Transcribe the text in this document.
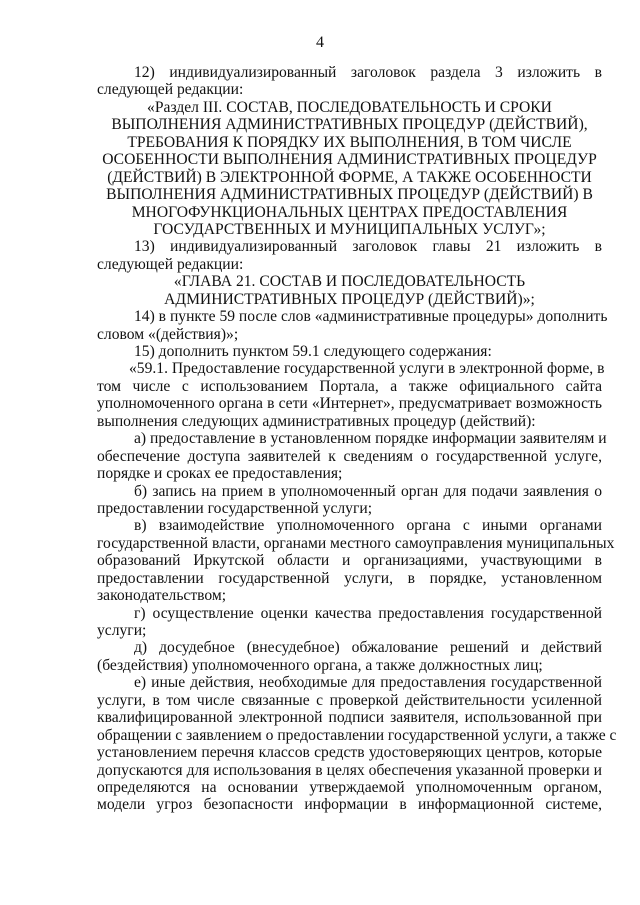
4
12)  индивидуализированный  заголовок  раздела  3  изложить  в
следующей редакции:
«Раздел III. СОСТАВ, ПОСЛЕДОВАТЕЛЬНОСТЬ И СРОКИ
ВЫПОЛНЕНИЯ АДМИНИСТРАТИВНЫХ ПРОЦЕДУР (ДЕЙСТВИЙ),
ТРЕБОВАНИЯ К ПОРЯДКУ ИХ ВЫПОЛНЕНИЯ, В ТОМ ЧИСЛЕ
ОСОБЕННОСТИ ВЫПОЛНЕНИЯ АДМИНИСТРАТИВНЫХ ПРОЦЕДУР
(ДЕЙСТВИЙ) В ЭЛЕКТРОННОЙ ФОРМЕ, А ТАКЖЕ ОСОБЕННОСТИ
ВЫПОЛНЕНИЯ АДМИНИСТРАТИВНЫХ ПРОЦЕДУР (ДЕЙСТВИЙ) В
МНОГОФУНКЦИОНАЛЬНЫХ ЦЕНТРАХ ПРЕДОСТАВЛЕНИЯ
ГОСУДАРСТВЕННЫХ И МУНИЦИПАЛЬНЫХ УСЛУГ»;
13)  индивидуализированный  заголовок  главы  21  изложить  в
следующей редакции:
«ГЛАВА 21. СОСТАВ И ПОСЛЕДОВАТЕЛЬНОСТЬ
АДМИНИСТРАТИВНЫХ ПРОЦЕДУР (ДЕЙСТВИЙ)»;
14) в пункте 59 после слов «административные процедуры» дополнить
словом «(действия)»;
15) дополнить пунктом 59.1 следующего содержания:
«59.1. Предоставление государственной услуги в электронной форме, в
том числе с использованием Портала, а также официального сайта
уполномоченного органа в сети «Интернет», предусматривает возможность
выполнения следующих административных процедур (действий):
а) предоставление в установленном порядке информации заявителям и
обеспечение доступа заявителей к сведениям о государственной услуге,
порядке и сроках ее предоставления;
б) запись на прием в уполномоченный орган для подачи заявления о
предоставлении государственной услуги;
в)   взаимодействие   уполномоченного   органа   с   иными   органами
государственной власти, органами местного самоуправления муниципальных
образований Иркутской области и организациями, участвующими в
предоставлении государственной услуги, в порядке, установленном
законодательством;
г) осуществление оценки качества предоставления государственной
услуги;
д) досудебное (внесудебное) обжалование решений и действий
(бездействия) уполномоченного органа, а также должностных лиц;
е) иные действия, необходимые для предоставления государственной
услуги, в том числе связанные с проверкой действительности усиленной
квалифицированной электронной подписи заявителя, использованной при
обращении с заявлением о предоставлении государственной услуги, а также с
установлением перечня классов средств удостоверяющих центров, которые
допускаются для использования в целях обеспечения указанной проверки и
определяются на основании утверждаемой уполномоченным органом,
модели угроз безопасности информации в информационной системе,
